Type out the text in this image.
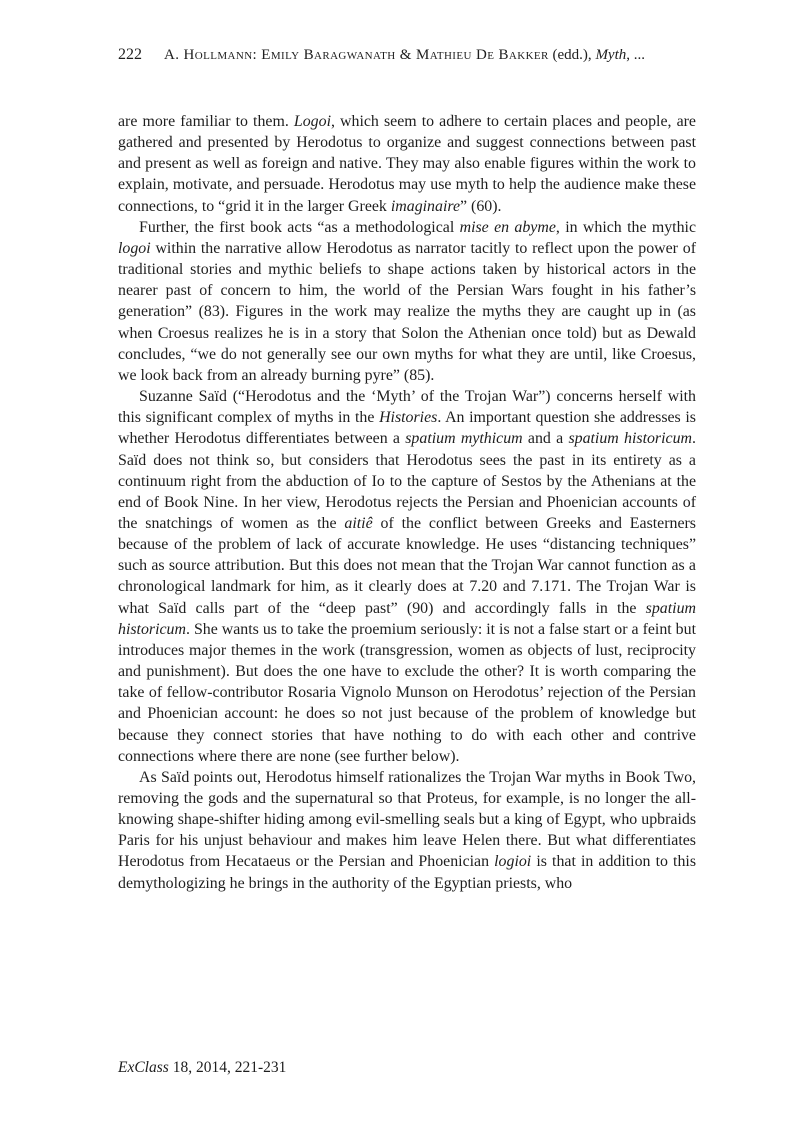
222 A. Hollmann: Emily Baragwanath & Mathieu De Bakker (edd.), Myth, ...

are more familiar to them. Logoi, which seem to adhere to certain places and people, are gathered and presented by Herodotus to organize and suggest connections between past and present as well as foreign and native. They may also enable figures within the work to explain, motivate, and persuade. Herodotus may use myth to help the audience make these connections, to “grid it in the larger Greek imaginaire” (60).

Further, the first book acts “as a methodological mise en abyme, in which the mythic logoi within the narrative allow Herodotus as narrator tacitly to reflect upon the power of traditional stories and mythic beliefs to shape actions taken by historical actors in the nearer past of concern to him, the world of the Persian Wars fought in his father’s generation” (83). Figures in the work may realize the myths they are caught up in (as when Croesus realizes he is in a story that Solon the Athenian once told) but as Dewald concludes, “we do not generally see our own myths for what they are until, like Croesus, we look back from an already burning pyre” (85).

Suzanne Saïd (“Herodotus and the ‘Myth’ of the Trojan War”) concerns herself with this significant complex of myths in the Histories. An important question she addresses is whether Herodotus differentiates between a spatium mythicum and a spatium historicum. Saïd does not think so, but considers that Herodotus sees the past in its entirety as a continuum right from the abduction of Io to the capture of Sestos by the Athenians at the end of Book Nine. In her view, Herodotus rejects the Persian and Phoenician accounts of the snatchings of women as the aitiê of the conflict between Greeks and Easterners because of the problem of lack of accurate knowledge. He uses “distancing techniques” such as source attribution. But this does not mean that the Trojan War cannot function as a chronological landmark for him, as it clearly does at 7.20 and 7.171. The Trojan War is what Saïd calls part of the “deep past” (90) and accordingly falls in the spatium historicum. She wants us to take the proemium seriously: it is not a false start or a feint but introduces major themes in the work (transgression, women as objects of lust, reciprocity and punishment). But does the one have to exclude the other? It is worth comparing the take of fellow-contributor Rosaria Vignolo Munson on Herodotus’ rejection of the Persian and Phoenician account: he does so not just because of the problem of knowledge but because they connect stories that have nothing to do with each other and contrive connections where there are none (see further below).

As Saïd points out, Herodotus himself rationalizes the Trojan War myths in Book Two, removing the gods and the supernatural so that Proteus, for example, is no longer the all-knowing shape-shifter hiding among evil-smelling seals but a king of Egypt, who upbraids Paris for his unjust behaviour and makes him leave Helen there. But what differentiates Herodotus from Hecataeus or the Persian and Phoenician logioi is that in addition to this demythologizing he brings in the authority of the Egyptian priests, who

ExClass 18, 2014, 221-231
